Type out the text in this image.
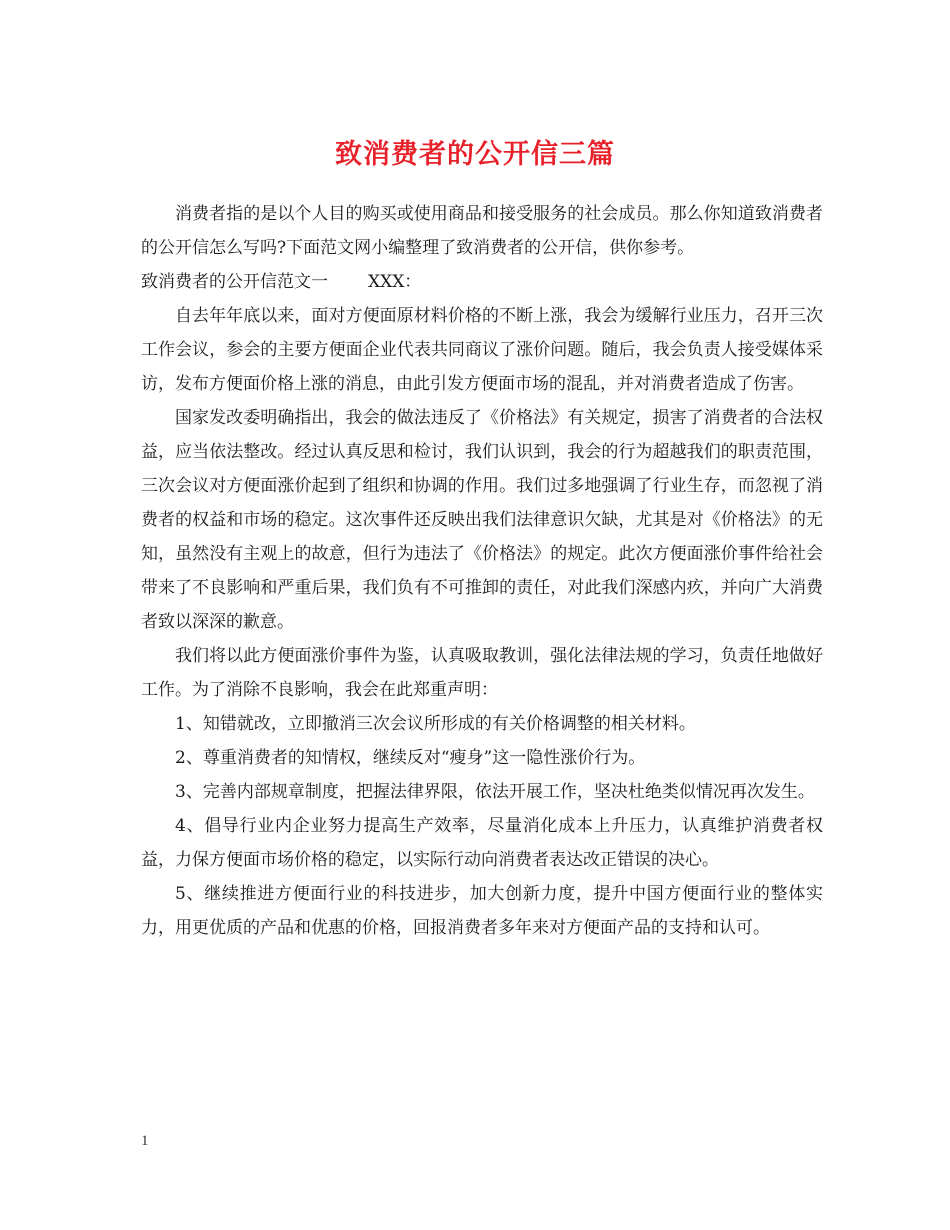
致消费者的公开信三篇

消费者指的是以个人目的购买或使用商品和接受服务的社会成员。那么你知道致消费者的公开信怎么写吗?下面范文网小编整理了致消费者的公开信，供你参考。

致消费者的公开信范文一 XXX：

自去年年底以来，面对方便面原材料价格的不断上涨，我会为缓解行业压力，召开三次工作会议，参会的主要方便面企业代表共同商议了涨价问题。随后，我会负责人接受媒体采访，发布方便面价格上涨的消息，由此引发方便面市场的混乱，并对消费者造成了伤害。

国家发改委明确指出，我会的做法违反了《价格法》有关规定，损害了消费者的合法权益，应当依法整改。经过认真反思和检讨，我们认识到，我会的行为超越我们的职责范围，三次会议对方便面涨价起到了组织和协调的作用。我们过多地强调了行业生存，而忽视了消费者的权益和市场的稳定。这次事件还反映出我们法律意识欠缺，尤其是对《价格法》的无知，虽然没有主观上的故意，但行为违法了《价格法》的规定。此次方便面涨价事件给社会带来了不良影响和严重后果，我们负有不可推卸的责任，对此我们深感内疚，并向广大消费者致以深深的歉意。

我们将以此方便面涨价事件为鉴，认真吸取教训，强化法律法规的学习，负责任地做好工作。为了消除不良影响，我会在此郑重声明：

1、知错就改，立即撤消三次会议所形成的有关价格调整的相关材料。

2、尊重消费者的知情权，继续反对“瘦身”这一隐性涨价行为。

3、完善内部规章制度，把握法律界限，依法开展工作，坚决杜绝类似情况再次发生。

4、倡导行业内企业努力提高生产效率，尽量消化成本上升压力，认真维护消费者权益，力保方便面市场价格的稳定，以实际行动向消费者表达改正错误的决心。

5、继续推进方便面行业的科技进步，加大创新力度，提升中国方便面行业的整体实力，用更优质的产品和优惠的价格，回报消费者多年来对方便面产品的支持和认可。

1
